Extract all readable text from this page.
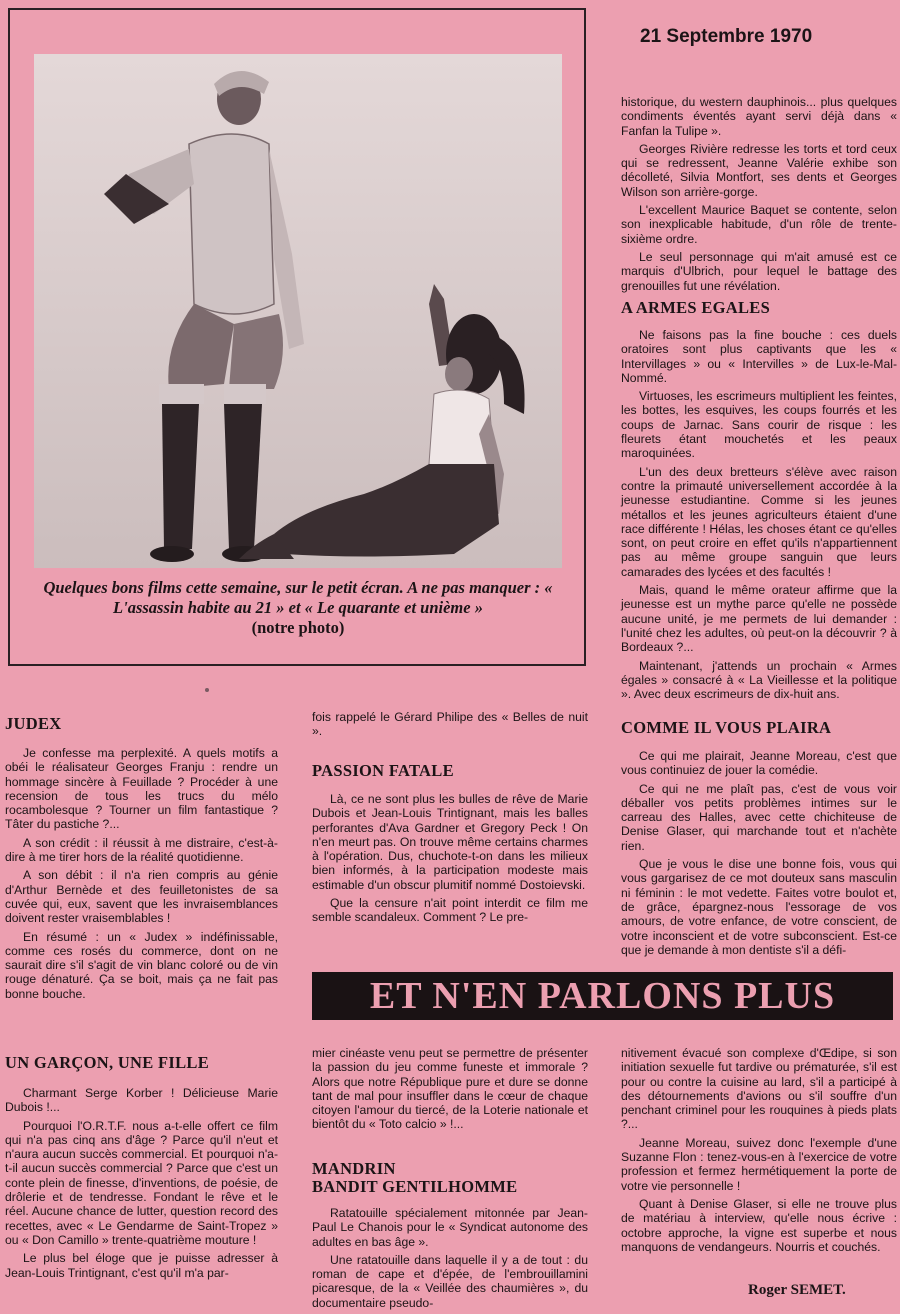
21 Septembre 1970
Quelques bons films cette semaine, sur le petit écran. A ne pas manquer : « L'assassin habite au 21 » et « Le quarante et unième »
(notre photo)

historique, du western dauphinois... plus quelques condiments éventés ayant servi déjà dans « Fanfan la Tulipe ».

Georges Rivière redresse les torts et tord ceux qui se redressent, Jeanne Valérie exhibe son décolleté, Silvia Montfort, ses dents et Georges Wilson son arrière-gorge.

L'excellent Maurice Baquet se contente, selon son inexplicable habitude, d'un rôle de trente-sixième ordre.

Le seul personnage qui m'ait amusé est ce marquis d'Ulbrich, pour lequel le battage des grenouilles fut une révélation.

A ARMES EGALES

Ne faisons pas la fine bouche : ces duels oratoires sont plus captivants que les « Intervillages » ou « Intervilles » de Lux-le-Mal-Nommé.

Virtuoses, les escrimeurs multiplient les feintes, les bottes, les esquives, les coups fourrés et les coups de Jarnac. Sans courir de risque : les fleurets étant mouchetés et les peaux maroquinées.

L'un des deux bretteurs s'élève avec raison contre la primauté universellement accordée à la jeunesse estudiantine. Comme si les jeunes métallos et les jeunes agriculteurs étaient d'une race différente ! Hélas, les choses étant ce qu'elles sont, on peut croire en effet qu'ils n'appartiennent pas au même groupe sanguin que leurs camarades des lycées et des facultés !

Mais, quand le même orateur affirme que la jeunesse est un mythe parce qu'elle ne possède aucune unité, je me permets de lui demander : l'unité chez les adultes, où peut-on la découvrir ? à Bordeaux ?...

Maintenant, j'attends un prochain « Armes égales » consacré à « La Vieillesse et la politique ». Avec deux escrimeurs de dix-huit ans.

JUDEX

Je confesse ma perplexité. A quels motifs a obéi le réalisateur Georges Franju : rendre un hommage sincère à Feuillade ? Procéder à une recension de tous les trucs du mélo rocambolesque ? Tourner un film fantastique ? Tâter du pastiche ?...

A son crédit : il réussit à me distraire, c'est-à-dire à me tirer hors de la réalité quotidienne.

A son débit : il n'a rien compris au génie d'Arthur Bernède et des feuilletonistes de sa cuvée qui, eux, savent que les invraisemblances doivent rester vraisemblables !

En résumé : un « Judex » indéfinissable, comme ces rosés du commerce, dont on ne saurait dire s'il s'agit de vin blanc coloré ou de vin rouge dénaturé. Ça se boit, mais ça ne fait pas bonne bouche.

fois rappelé le Gérard Philipe des « Belles de nuit ».

PASSION FATALE

Là, ce ne sont plus les bulles de rêve de Marie Dubois et Jean-Louis Trintignant, mais les balles perforantes d'Ava Gardner et Gregory Peck ! On n'en meurt pas. On trouve même certains charmes à l'opération. Dus, chuchote-t-on dans les milieux bien informés, à la participation modeste mais estimable d'un obscur plumitif nommé Dostoievski.

Que la censure n'ait point interdit ce film me semble scandaleux. Comment ? Le pre-

COMME IL VOUS PLAIRA

Ce qui me plairait, Jeanne Moreau, c'est que vous continuiez de jouer la comédie.

Ce qui ne me plaît pas, c'est de vous voir déballer vos petits problèmes intimes sur le carreau des Halles, avec cette chichiteuse de Denise Glaser, qui marchande tout et n'achète rien.

Que je vous le dise une bonne fois, vous qui vous gargarisez de ce mot douteux sans masculin ni féminin : le mot vedette. Faites votre boulot et, de grâce, épargnez-nous l'essorage de vos amours, de votre enfance, de votre conscient, de votre inconscient et de votre subconscient. Est-ce que je demande à mon dentiste s'il a défi-

ET N'EN PARLONS PLUS
UN GARÇON, UNE FILLE

Charmant Serge Korber ! Délicieuse Marie Dubois !...

Pourquoi l'O.R.T.F. nous a-t-elle offert ce film qui n'a pas cinq ans d'âge ? Parce qu'il n'eut et n'aura aucun succès commercial. Et pourquoi n'a-t-il aucun succès commercial ? Parce que c'est un conte plein de finesse, d'inventions, de poésie, de drôlerie et de tendresse. Fondant le rêve et le réel. Aucune chance de lutter, question record des recettes, avec « Le Gendarme de Saint-Tropez » ou « Don Camillo » trente-quatrième mouture !

Le plus bel éloge que je puisse adresser à Jean-Louis Trintignant, c'est qu'il m'a par-

mier cinéaste venu peut se permettre de présenter la passion du jeu comme funeste et immorale ? Alors que notre République pure et dure se donne tant de mal pour insuffler dans le cœur de chaque citoyen l'amour du tiercé, de la Loterie nationale et bientôt du « Toto calcio » !...

MANDRIN
BANDIT GENTILHOMME

Ratatouille spécialement mitonnée par Jean-Paul Le Chanois pour le « Syndicat autonome des adultes en bas âge ».

Une ratatouille dans laquelle il y a de tout : du roman de cape et d'épée, de l'embrouillamini picaresque, de la « Veillée des chaumières », du documentaire pseudo-

nitivement évacué son complexe d'Œdipe, si son initiation sexuelle fut tardive ou prématurée, s'il est pour ou contre la cuisine au lard, s'il a participé à des détournements d'avions ou s'il souffre d'un penchant criminel pour les rouquines à pieds plats ?...

Jeanne Moreau, suivez donc l'exemple d'une Suzanne Flon : tenez-vous-en à l'exercice de votre profession et fermez hermétiquement la porte de votre vie personnelle !

Quant à Denise Glaser, si elle ne trouve plus de matériau à interview, qu'elle nous écrive : octobre approche, la vigne est superbe et nous manquons de vendangeurs. Nourris et couchés.

Roger SEMET.
